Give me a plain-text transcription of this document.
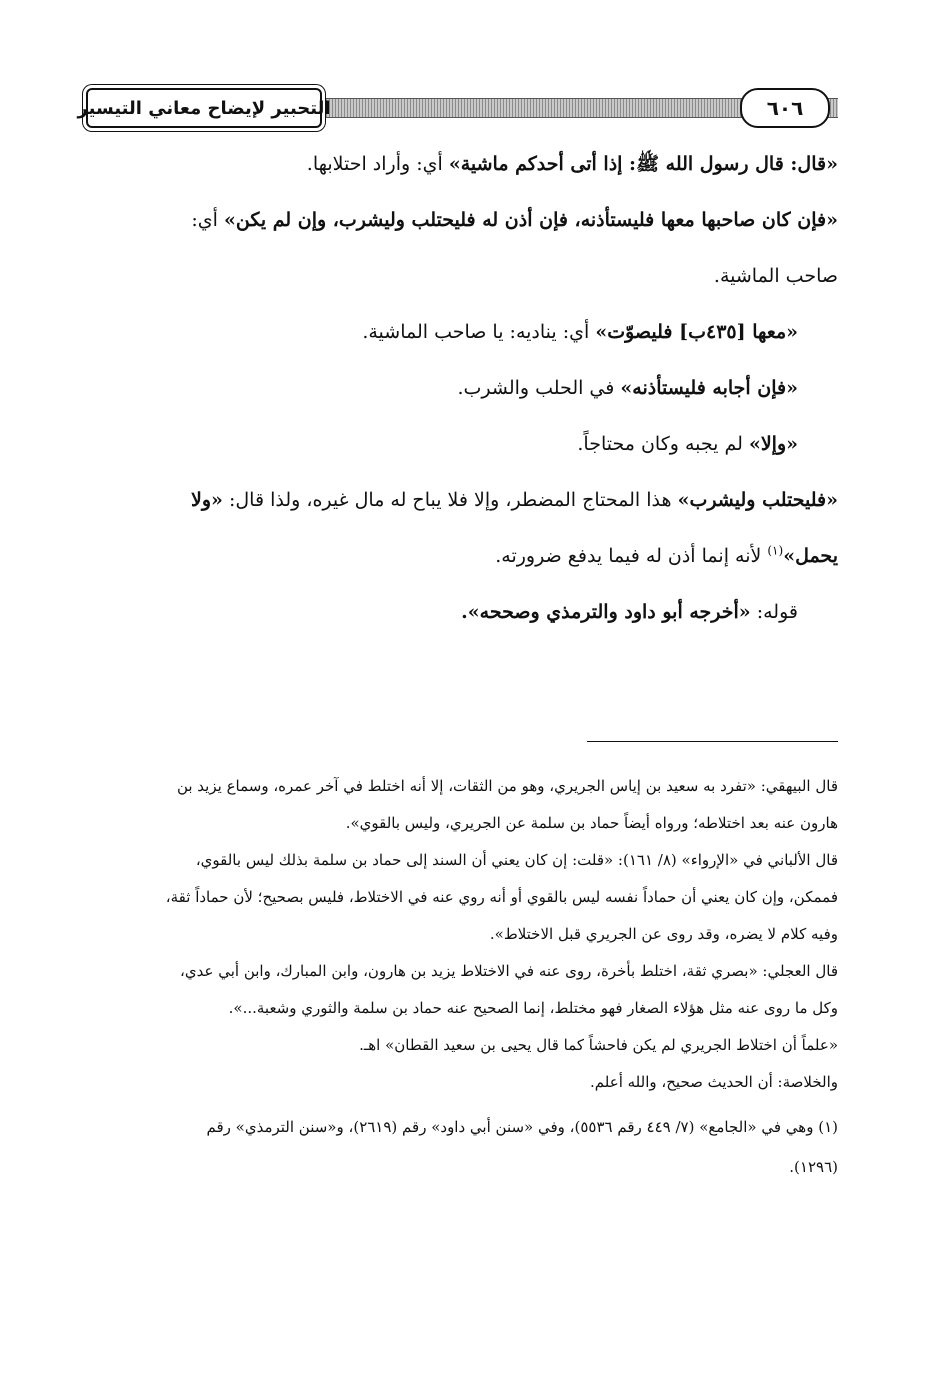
التحبير لإيضاح معاني التيسير	٦٠٦
«قال: قال رسول الله ﷺ: إذا أتى أحدكم ماشية» أي: وأراد احتلابها.
«فإن كان صاحبها معها فليستأذنه، فإن أذن له فليحتلب وليشرب، وإن لم يكن» أي:
صاحب الماشية.
«معها [٤٣٥ب] فليصوّت» أي: يناديه: يا صاحب الماشية.
«فإن أجابه فليستأذنه» في الحلب والشرب.
«وإلا» لم يجبه وكان محتاجاً.
«فليحتلب وليشرب» هذا المحتاج المضطر، وإلا فلا يباح له مال غيره، ولذا قال: «ولا
يحمل»$^{(١)}$ لأنه إنما أذن له فيما يدفع ضرورته.
قوله: «أخرجه أبو داود والترمذي وصححه».
قال البيهقي: «تفرد به سعيد بن إياس الجريري، وهو من الثقات، إلا أنه اختلط في آخر عمره، وسماع يزيد بن
هارون عنه بعد اختلاطه؛ ورواه أيضاً حماد بن سلمة عن الجريري، وليس بالقوي».
قال الألباني في «الإرواء» (٨/ ١٦١): «قلت: إن كان يعني أن السند إلى حماد بن سلمة بذلك ليس بالقوي،
فممكن، وإن كان يعني أن حماداً نفسه ليس بالقوي أو أنه روي عنه في الاختلاط، فليس بصحيح؛ لأن حماداً ثقة،
وفيه كلام لا يضره، وقد روى عن الجريري قبل الاختلاط».
قال العجلي: «بصري ثقة، اختلط بأخرة، روى عنه في الاختلاط يزيد بن هارون، وابن المبارك، وابن أبي عدي،
وكل ما روى عنه مثل هؤلاء الصغار فهو مختلط، إنما الصحيح عنه حماد بن سلمة والثوري وشعبة...».
«علماً أن اختلاط الجريري لم يكن فاحشاً كما قال يحيى بن سعيد القطان» اهـ.
والخلاصة: أن الحديث صحيح، والله أعلم.
(١) وهي في «الجامع» (٧/ ٤٤٩ رقم ٥٥٣٦)، وفي «سنن أبي داود» رقم (٢٦١٩)، و«سنن الترمذي» رقم
(١٢٩٦).
